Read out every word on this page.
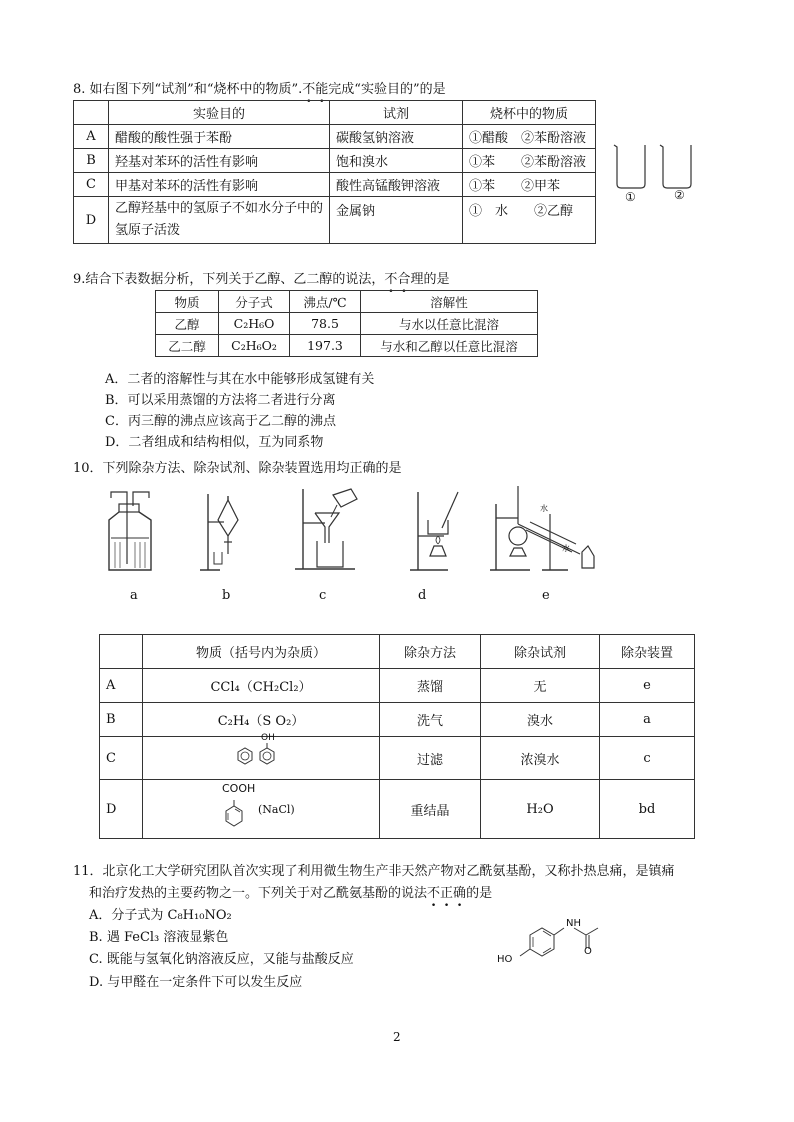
8. 如右图下列“试剂”和“烧杯中的物质”.不能完成“实验目的”的是
	实验目的	试剂	烧杯中的物质
A	醋酸的酸性强于苯酚	碳酸氢钠溶液	①醋酸　②苯酚溶液
B	羟基对苯环的活性有影响	饱和溴水	①苯　　②苯酚溶液
C	甲基对苯环的活性有影响	酸性高锰酸钾溶液	①苯　　②甲苯
D	乙醇羟基中的氢原子不如水分子中的氢原子活泼	金属钠	①　水　　②乙醇
①	②
9.结合下表数据分析，下列关于乙醇、乙二醇的说法，不合理的是
物质	分子式	沸点/℃	溶解性
乙醇	C₂H₆O	78.5	与水以任意比混溶
乙二醇	C₂H₆O₂	197.3	与水和乙醇以任意比混溶
A．二者的溶解性与其在水中能够形成氢键有关
B．可以采用蒸馏的方法将二者进行分离
C．丙三醇的沸点应该高于乙二醇的沸点
D．二者组成和结构相似，互为同系物
10．下列除杂方法、除杂试剂、除杂装置选用均正确的是
水
水
a	b	c	d	e
	物质（括号内为杂质）	除杂方法	除杂试剂	除杂装置
A	CCl₄（CH₂Cl₂）	蒸馏	无	e
B	C₂H₄（S O₂）	洗气	溴水	a
C		过滤	浓溴水	c
D		重结晶	H₂O	bd
OH
COOH
(NaCl)
11．北京化工大学研究团队首次实现了利用微生物生产非天然产物对乙酰氨基酚，又称扑热息痛，是镇痛
和治疗发热的主要药物之一。下列关于对乙酰氨基酚的说法不正确的是
A．分子式为 C₈H₁₀NO₂
B. 遇 FeCl₃ 溶液显紫色
C. 既能与氢氧化钠溶液反应，又能与盐酸反应
D. 与甲醛在一定条件下可以发生反应
HO
NH
O
2
